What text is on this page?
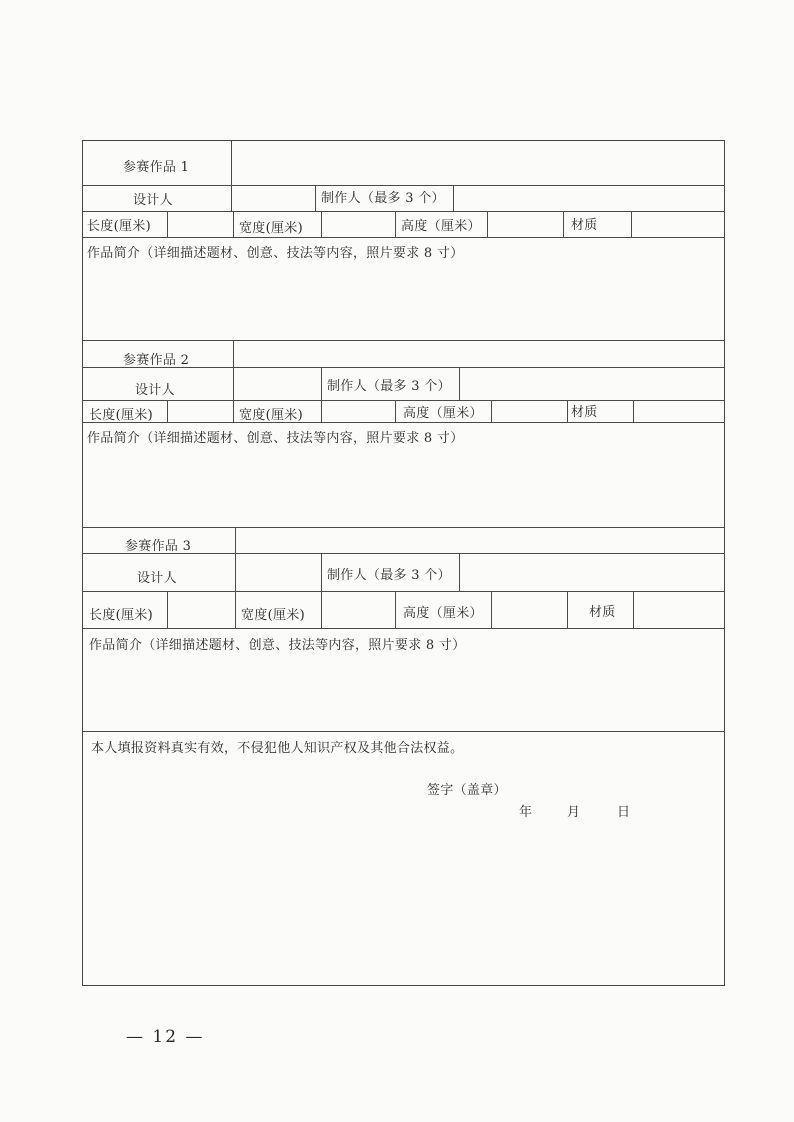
参赛作品 1
设计人	制作人（最多 3 个）
长度(厘米)	宽度(厘米)	高度（厘米）	材质
作品简介（详细描述题材、创意、技法等内容，照片要求 8 寸）
参赛作品 2
设计人	制作人（最多 3 个）
长度(厘米)	宽度(厘米)	高度（厘米）	材质
作品简介（详细描述题材、创意、技法等内容，照片要求 8 寸）
参赛作品 3
设计人	制作人（最多 3 个）
长度(厘米)	宽度(厘米)	高度（厘米）	材质
作品简介（详细描述题材、创意、技法等内容，照片要求 8 寸）
本人填报资料真实有效，不侵犯他人知识产权及其他合法权益。
签字（盖章）
年	月	日
— 12 —
